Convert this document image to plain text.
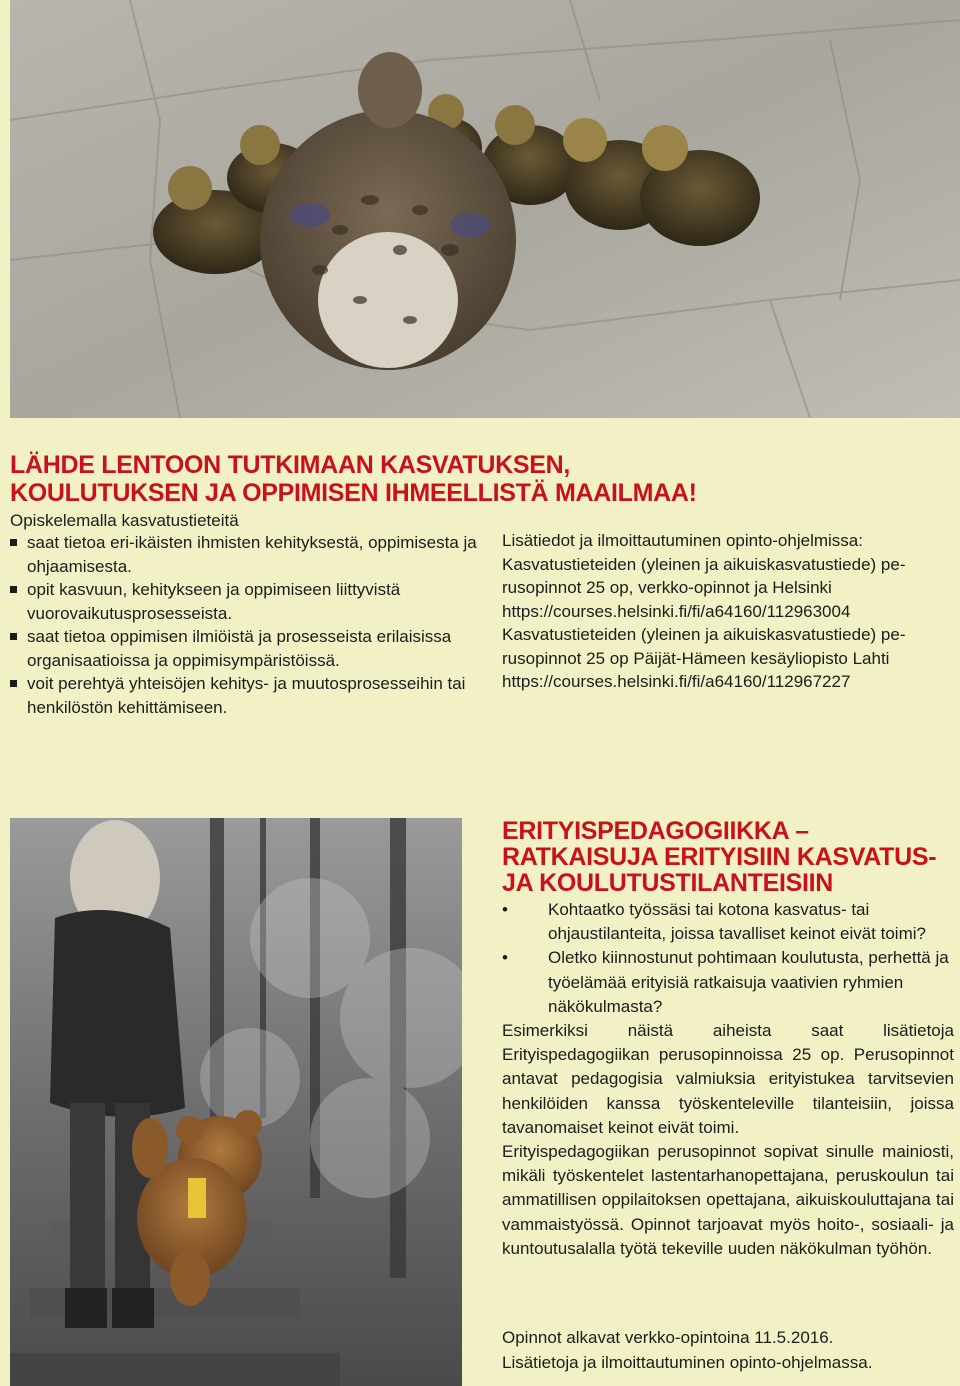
LÄHDE LENTOON TUTKIMAAN KASVATUKSEN,
KOULUTUKSEN JA OPPIMISEN IHMEELLISTÄ MAAILMAA!

Opiskelemalla kasvatustieteitä

saat tietoa eri-ikäisten ihmisten kehityksestä, oppimisesta ja ohjaamisesta.
opit kasvuun, kehitykseen ja oppimiseen liittyvistä vuorovaikutusprosesseista.
saat tietoa oppimisen ilmiöistä ja prosesseista erilaisissa organisaatioissa ja oppimisympäristöissä.
voit perehtyä yhteisöjen kehitys- ja muutosprosesseihin tai henkilöstön kehittämiseen.
Lisätiedot ja ilmoittautuminen opinto-ohjelmissa:
Kasvatustieteiden (yleinen ja aikuiskasvatustiede) pe-
rusopinnot 25 op, verkko-opinnot ja Helsinki
https://courses.helsinki.fi/fi/a64160/112963004
Kasvatustieteiden (yleinen ja aikuiskasvatustiede) pe-
rusopinnot 25 op Päijät-Hämeen kesäyliopisto Lahti
https://courses.helsinki.fi/fi/a64160/112967227
ERITYISPEDAGOGIIKKA –
RATKAISUJA ERITYISIIN KASVATUS-
JA KOULUTUSTILANTEISIIN
• Kohtaatko työssäsi tai kotona kasvatus- tai ohjaustilanteita, joissa tavalliset keinot eivät toimi?
• Oletko kiinnostunut pohtimaan koulutusta, perhettä ja työelämää erityisiä ratkaisuja vaativien ryhmien näkökulmasta?

Esimerkiksi näistä aiheista saat lisätietoja Erityispedagogiikan perusopinnoissa 25 op. Perusopinnot antavat pedagogisia valmiuksia erityistukea tarvitsevien henkilöiden kanssa työskenteleville tilanteisiin, joissa tavanomaiset keinot eivät toimi.

Erityispedagogiikan perusopinnot sopivat sinulle mainiosti, mikäli työskentelet lastentarhanopettajana, peruskoulun tai ammatillisen oppilaitoksen opettajana, aikuiskouluttajana tai vammaistyössä. Opinnot tarjoavat myös hoito-, sosiaali- ja kuntoutusalalla työtä tekeville uuden näkökulman työhön.

Opinnot alkavat verkko-opintoina 11.5.2016.
Lisätietoja ja ilmoittautuminen opinto-ohjelmassa.
